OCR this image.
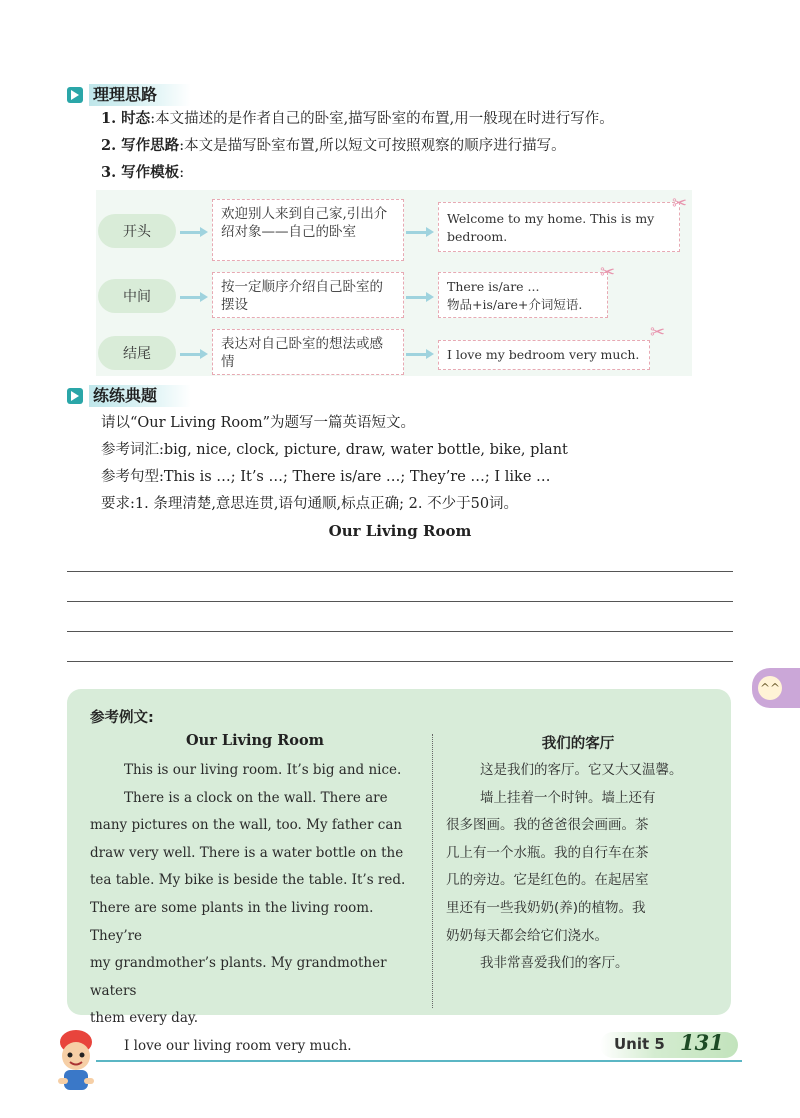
理理思路
1. 时态:本文描述的是作者自己的卧室,描写卧室的布置,用一般现在时进行写作。
2. 写作思路:本文是描写卧室布置,所以短文可按照观察的顺序进行描写。
3. 写作模板:
开头
欢迎别人来到自己家,引出介绍对象——自己的卧室
Welcome to my home. This is my bedroom.
✂
中间
按一定顺序介绍自己卧室的摆设
There is/are ...
物品+is/are+介词短语.
✂
结尾
表达对自己卧室的想法或感情	I love my bedroom very much.
✂
练练典题
请以“Our Living Room”为题写一篇英语短文。
参考词汇:big, nice, clock, picture, draw, water bottle, bike, plant
参考句型:This is …; It’s …; There is/are …; They’re …; I like …
要求:1. 条理清楚,意思连贯,语句通顺,标点正确; 2. 不少于50词。
Our Living Room
^^
参考例文:
Our Living Room	我们的客厅
This is our living room. It’s big and nice.
There is a clock on the wall. There are
many pictures on the wall, too. My father can
draw very well. There is a water bottle on the
tea table. My bike is beside the table. It’s red.
There are some plants in the living room. They’re
my grandmother’s plants. My grandmother waters
them every day.
I love our living room very much.
这是我们的客厅。它又大又温馨。
墙上挂着一个时钟。墙上还有
很多图画。我的爸爸很会画画。茶
几上有一个水瓶。我的自行车在茶
几的旁边。它是红色的。在起居室
里还有一些我奶奶(养)的植物。我
奶奶每天都会给它们浇水。
我非常喜爱我们的客厅。
Unit 5 131
